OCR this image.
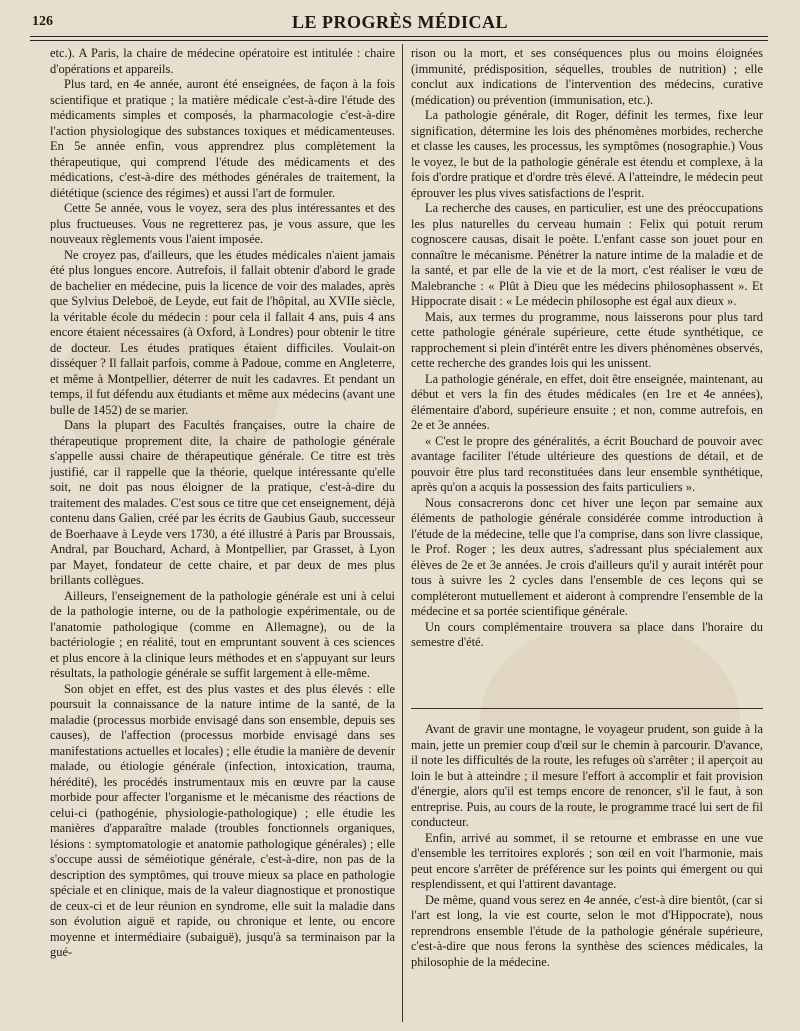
126	LE PROGRÈS MÉDICAL

etc.). A Paris, la chaire de médecine opératoire est intitulée : chaire d'opérations et appareils.

Plus tard, en 4e année, auront été enseignées, de façon à la fois scientifique et pratique ; la matière médicale c'est-à-dire l'étude des médicaments simples et composés, la pharmacologie c'est-à-dire l'action physiologique des substances toxiques et médicamenteuses. En 5e année enfin, vous apprendrez plus complètement la thérapeutique, qui comprend l'étude des médicaments et des médications, c'est-à-dire des méthodes générales de traitement, la diététique (science des régimes) et aussi l'art de formuler.

Cette 5e année, vous le voyez, sera des plus intéressantes et des plus fructueuses. Vous ne regretterez pas, je vous assure, que les nouveaux règlements vous l'aient imposée.

Ne croyez pas, d'ailleurs, que les études médicales n'aient jamais été plus longues encore. Autrefois, il fallait obtenir d'abord le grade de bachelier en médecine, puis la licence de voir des malades, après que Sylvius Deleboë, de Leyde, eut fait de l'hôpital, au XVIIe siècle, la véritable école du médecin : pour cela il fallait 4 ans, puis 4 ans encore étaient nécessaires (à Oxford, à Londres) pour obtenir le titre de docteur. Les études pratiques étaient difficiles. Voulait-on disséquer ? Il fallait parfois, comme à Padoue, comme en Angleterre, et même à Montpellier, déterrer de nuit les cadavres. Et pendant un temps, il fut défendu aux étudiants et même aux médecins (avant une bulle de 1452) de se marier.

Dans la plupart des Facultés françaises, outre la chaire de thérapeutique proprement dite, la chaire de pathologie générale s'appelle aussi chaire de thérapeutique générale. Ce titre est très justifié, car il rappelle que la théorie, quelque intéressante qu'elle soit, ne doit pas nous éloigner de la pratique, c'est-à-dire du traitement des malades. C'est sous ce titre que cet enseignement, déjà contenu dans Galien, créé par les écrits de Gaubius Gaub, successeur de Boerhaave à Leyde vers 1730, a été illustré à Paris par Broussais, Andral, par Bouchard, Achard, à Montpellier, par Grasset, à Lyon par Mayet, fondateur de cette chaire, et par deux de mes plus brillants collègues.

Ailleurs, l'enseignement de la pathologie générale est uni à celui de la pathologie interne, ou de la pathologie expérimentale, ou de l'anatomie pathologique (comme en Allemagne), ou de la bactériologie ; en réalité, tout en empruntant souvent à ces sciences et plus encore à la clinique leurs méthodes et en s'appuyant sur leurs résultats, la pathologie générale se suffit largement à elle-même.

Son objet en effet, est des plus vastes et des plus élevés : elle poursuit la connaissance de la nature intime de la santé, de la maladie (processus morbide envisagé dans son ensemble, depuis ses causes), de l'affection (processus morbide envisagé dans ses manifestations actuelles et locales) ; elle étudie la manière de devenir malade, ou étiologie générale (infection, intoxication, trauma, hérédité), les procédés instrumentaux mis en œuvre par la cause morbide pour affecter l'organisme et le mécanisme des réactions de celui-ci (pathogénie, physiologie-pathologique) ; elle étudie les manières d'apparaître malade (troubles fonctionnels organiques, lésions : symptomatologie et anatomie pathologique générales) ; elle s'occupe aussi de séméiotique générale, c'est-à-dire, non pas de la description des symptômes, qui trouve mieux sa place en pathologie spéciale et en clinique, mais de la valeur diagnostique et pronostique de ceux-ci et de leur réunion en syndrome, elle suit la maladie dans son évolution aiguë et rapide, ou chronique et lente, ou encore moyenne et intermédiaire (subaiguë), jusqu'à sa terminaison par la gué-

rison ou la mort, et ses conséquences plus ou moins éloignées (immunité, prédisposition, séquelles, troubles de nutrition) ; elle conclut aux indications de l'intervention des médecins, curative (médication) ou prévention (immunisation, etc.).

La pathologie générale, dit Roger, définit les termes, fixe leur signification, détermine les lois des phénomènes morbides, recherche et classe les causes, les processus, les symptômes (nosographie.) Vous le voyez, le but de la pathologie générale est étendu et complexe, à la fois d'ordre pratique et d'ordre très élevé. A l'atteindre, le médecin peut éprouver les plus vives satisfactions de l'esprit.

La recherche des causes, en particulier, est une des préoccupations les plus naturelles du cerveau humain : Felix qui potuit rerum cognoscere causas, disait le poète. L'enfant casse son jouet pour en connaître le mécanisme. Pénétrer la nature intime de la maladie et de la santé, et par elle de la vie et de la mort, c'est réaliser le vœu de Malebranche : « Plût à Dieu que les médecins philosophassent ». Et Hippocrate disait : « Le médecin philosophe est égal aux dieux ».

Mais, aux termes du programme, nous laisserons pour plus tard cette pathologie générale supérieure, cette étude synthétique, ce rapprochement si plein d'intérêt entre les divers phénomènes observés, cette recherche des grandes lois qui les unissent.

La pathologie générale, en effet, doit être enseignée, maintenant, au début et vers la fin des études médicales (en 1re et 4e années), élémentaire d'abord, supérieure ensuite ; et non, comme autrefois, en 2e et 3e années.

« C'est le propre des généralités, a écrit Bouchard de pouvoir avec avantage faciliter l'étude ultérieure des questions de détail, et de pouvoir être plus tard reconstituées dans leur ensemble synthétique, après qu'on a acquis la possession des faits particuliers ».

Nous consacrerons donc cet hiver une leçon par semaine aux éléments de pathologie générale considérée comme introduction à l'étude de la médecine, telle que l'a comprise, dans son livre classique, le Prof. Roger ; les deux autres, s'adressant plus spécialement aux élèves de 2e et 3e années. Je crois d'ailleurs qu'il y aurait intérêt pour tous à suivre les 2 cycles dans l'ensemble de ces leçons qui se compléteront mutuellement et aideront à comprendre l'ensemble de la médecine et sa portée scientifique générale.

Un cours complémentaire trouvera sa place dans l'horaire du semestre d'été.

Avant de gravir une montagne, le voyageur prudent, son guide à la main, jette un premier coup d'œil sur le chemin à parcourir. D'avance, il note les difficultés de la route, les refuges où s'arrêter ; il aperçoit au loin le but à atteindre ; il mesure l'effort à accomplir et fait provision d'énergie, alors qu'il est temps encore de renoncer, s'il le faut, à son entreprise. Puis, au cours de la route, le programme tracé lui sert de fil conducteur.

Enfin, arrivé au sommet, il se retourne et embrasse en une vue d'ensemble les territoires explorés ; son œil en voit l'harmonie, mais peut encore s'arrêter de préférence sur les points qui émergent ou qui resplendissent, et qui l'attirent davantage.

De même, quand vous serez en 4e année, c'est-à dire bientôt, (car si l'art est long, la vie est courte, selon le mot d'Hippocrate), nous reprendrons ensemble l'étude de la pathologie générale supérieure, c'est-à-dire que nous ferons la synthèse des sciences médicales, la philosophie de la médecine.
